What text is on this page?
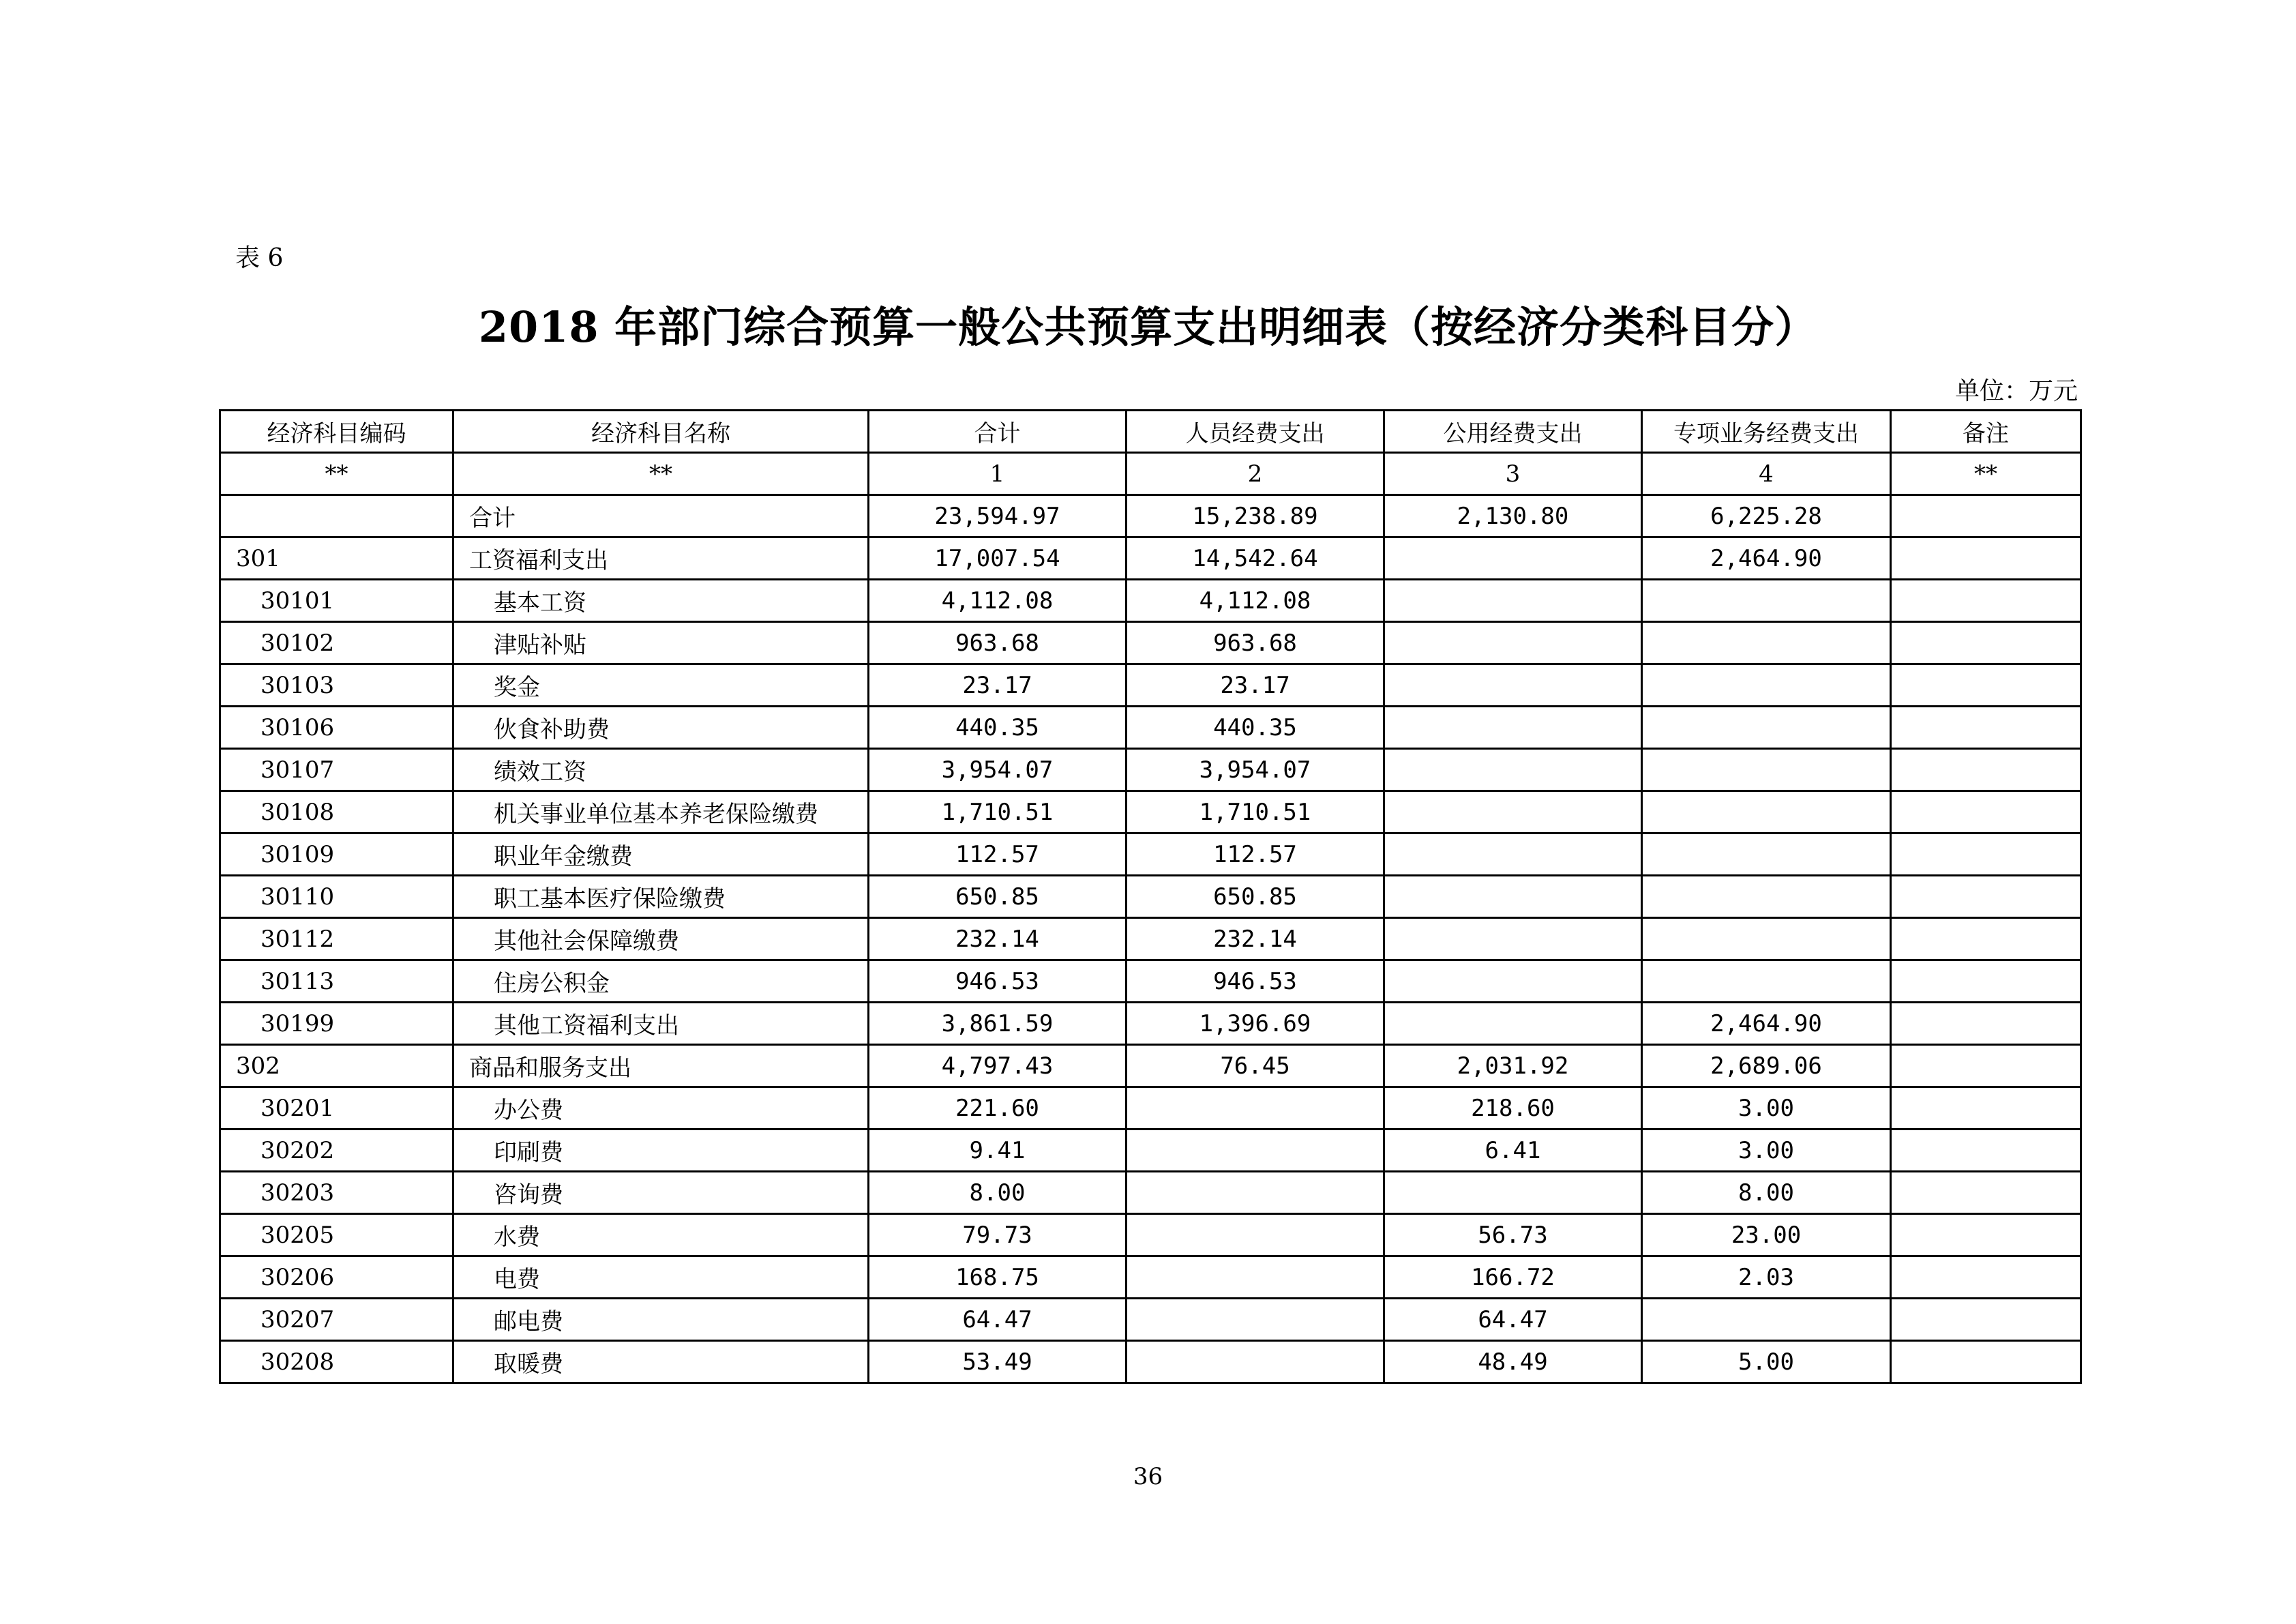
表 6
2018 年部门综合预算一般公共预算支出明细表（按经济分类科目分）
单位：万元
经济科目编码	经济科目名称	合计	人员经费支出	公用经费支出	专项业务经费支出	备注
**	**	1	2	3	4	**
	合计	23,594.97	15,238.89	2,130.80	6,225.28	
301	工资福利支出	17,007.54	14,542.64		2,464.90	
30101	基本工资	4,112.08	4,112.08			
30102	津贴补贴	963.68	963.68			
30103	奖金	23.17	23.17			
30106	伙食补助费	440.35	440.35			
30107	绩效工资	3,954.07	3,954.07			
30108	机关事业单位基本养老保险缴费	1,710.51	1,710.51			
30109	职业年金缴费	112.57	112.57			
30110	职工基本医疗保险缴费	650.85	650.85			
30112	其他社会保障缴费	232.14	232.14			
30113	住房公积金	946.53	946.53			
30199	其他工资福利支出	3,861.59	1,396.69		2,464.90	
302	商品和服务支出	4,797.43	76.45	2,031.92	2,689.06	
30201	办公费	221.60		218.60	3.00	
30202	印刷费	9.41		6.41	3.00	
30203	咨询费	8.00			8.00	
30205	水费	79.73		56.73	23.00	
30206	电费	168.75		166.72	2.03	
30207	邮电费	64.47		64.47		
30208	取暖费	53.49		48.49	5.00	
36
